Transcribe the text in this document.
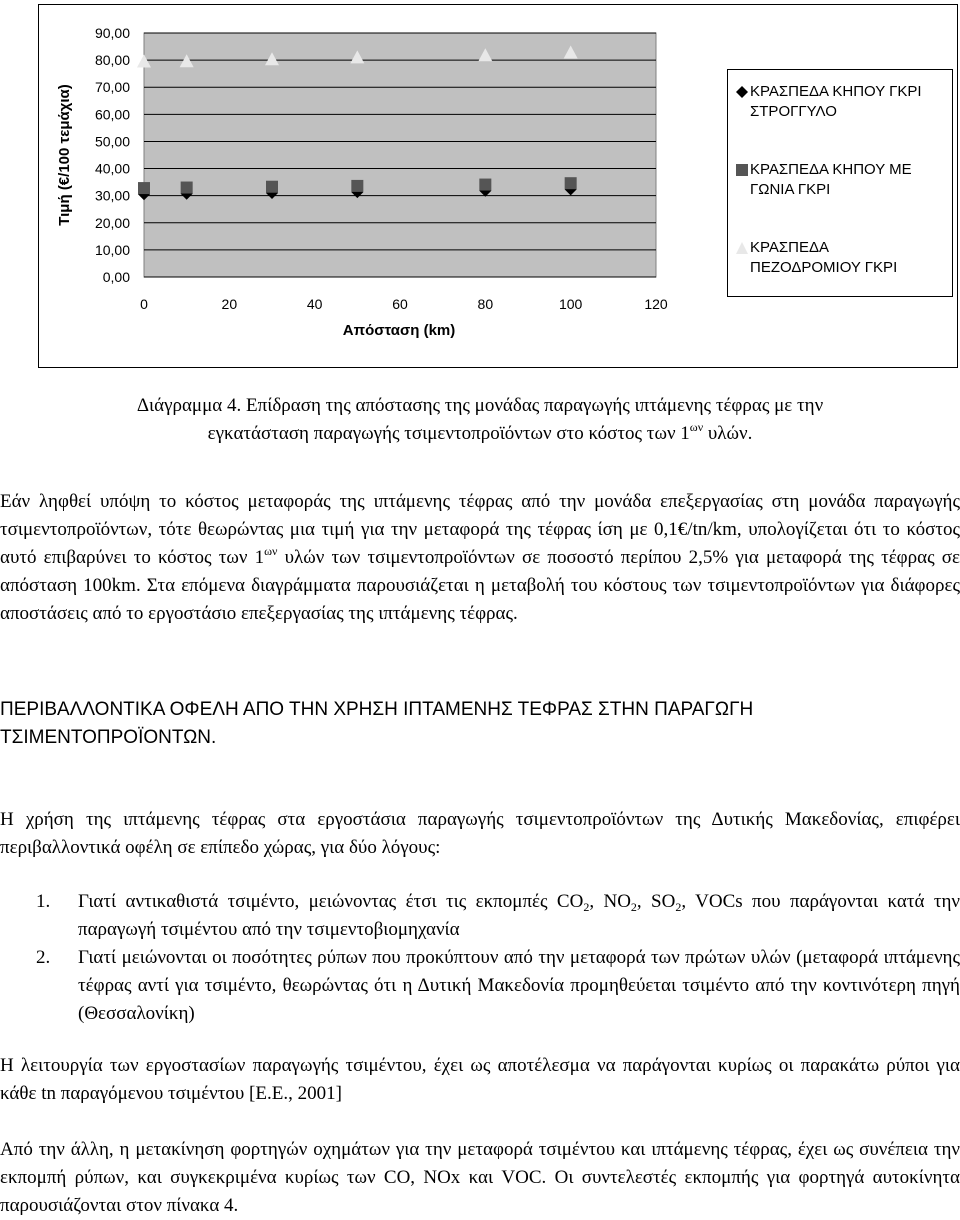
0,00
10,00
20,00
30,00
40,00
50,00
60,00
70,00
80,00
90,00
0	20	40	60	80	100	120
Τιμή (€/100 τεμάχια)
Απόσταση (km)
ΚΡΑΣΠΕΔΑ ΚΗΠΟΥ ΓΚΡΙ
ΣΤΡΟΓΓΥΛΟ
ΚΡΑΣΠΕΔΑ ΚΗΠΟΥ ΜΕ
ΓΩΝΙΑ ΓΚΡΙ
ΚΡΑΣΠΕΔΑ
ΠΕΖΟΔΡΟΜΙΟΥ ΓΚΡΙ
Διάγραμμα 4. Επίδραση της απόστασης της μονάδας παραγωγής ιπτάμενης τέφρας με την
εγκατάσταση παραγωγής τσιμεντοπροϊόντων στο κόστος των $1^{\omega\nu}$ υλών.
Εάν ληφθεί υπόψη το κόστος μεταφοράς της ιπτάμενης τέφρας από την μονάδα επεξεργασίας στη μονάδα παραγωγής τσιμεντοπροϊόντων, τότε θεωρώντας μια τιμή για την μεταφορά της τέφρας ίση με 0,1€/tn/km, υπολογίζεται ότι το κόστος αυτό επιβαρύνει το κόστος των $1^{\omega\nu}$ υλών των τσιμεντοπροϊόντων σε ποσοστό περίπου 2,5% για μεταφορά της τέφρας σε απόσταση 100km. Στα επόμενα διαγράμματα παρουσιάζεται η μεταβολή του κόστους των τσιμεντοπροϊόντων για διάφορες αποστάσεις από το εργοστάσιο επεξεργασίας της ιπτάμενης τέφρας.
ΠΕΡΙΒΑΛΛΟΝΤΙΚΑ ΟΦΕΛΗ ΑΠΟ ΤΗΝ ΧΡΗΣΗ ΙΠΤΑΜΕΝΗΣ ΤΕΦΡΑΣ ΣΤΗΝ ΠΑΡΑΓΩΓΗ
ΤΣΙΜΕΝΤΟΠΡΟΪΟΝΤΩΝ.
Η χρήση της ιπτάμενης τέφρας στα εργοστάσια παραγωγής τσιμεντοπροϊόντων της Δυτικής Μακεδονίας, επιφέρει περιβαλλοντικά οφέλη σε επίπεδο χώρας, για δύο λόγους:
1. Γιατί αντικαθιστά τσιμέντο, μειώνοντας έτσι τις εκπομπές $CO_2$, $NO_2$, $SO_2$, VOCs που παράγονται κατά την παραγωγή τσιμέντου από την τσιμεντοβιομηχανία
2. Γιατί μειώνονται οι ποσότητες ρύπων που προκύπτουν από την μεταφορά των πρώτων υλών (μεταφορά ιπτάμενης τέφρας αντί για τσιμέντο, θεωρώντας ότι η Δυτική Μακεδονία προμηθεύεται τσιμέντο από την κοντινότερη πηγή (Θεσσαλονίκη)
Η λειτουργία των εργοστασίων παραγωγής τσιμέντου, έχει ως αποτέλεσμα να παράγονται κυρίως οι παρακάτω ρύποι για κάθε tn παραγόμενου τσιμέντου [Ε.Ε., 2001]
Από την άλλη, η μετακίνηση φορτηγών οχημάτων για την μεταφορά τσιμέντου και ιπτάμενης τέφρας, έχει ως συνέπεια την εκπομπή ρύπων, και συγκεκριμένα κυρίως των CO, NOx και VOC. Οι συντελεστές εκπομπής για φορτηγά αυτοκίνητα παρουσιάζονται στον πίνακα 4.
